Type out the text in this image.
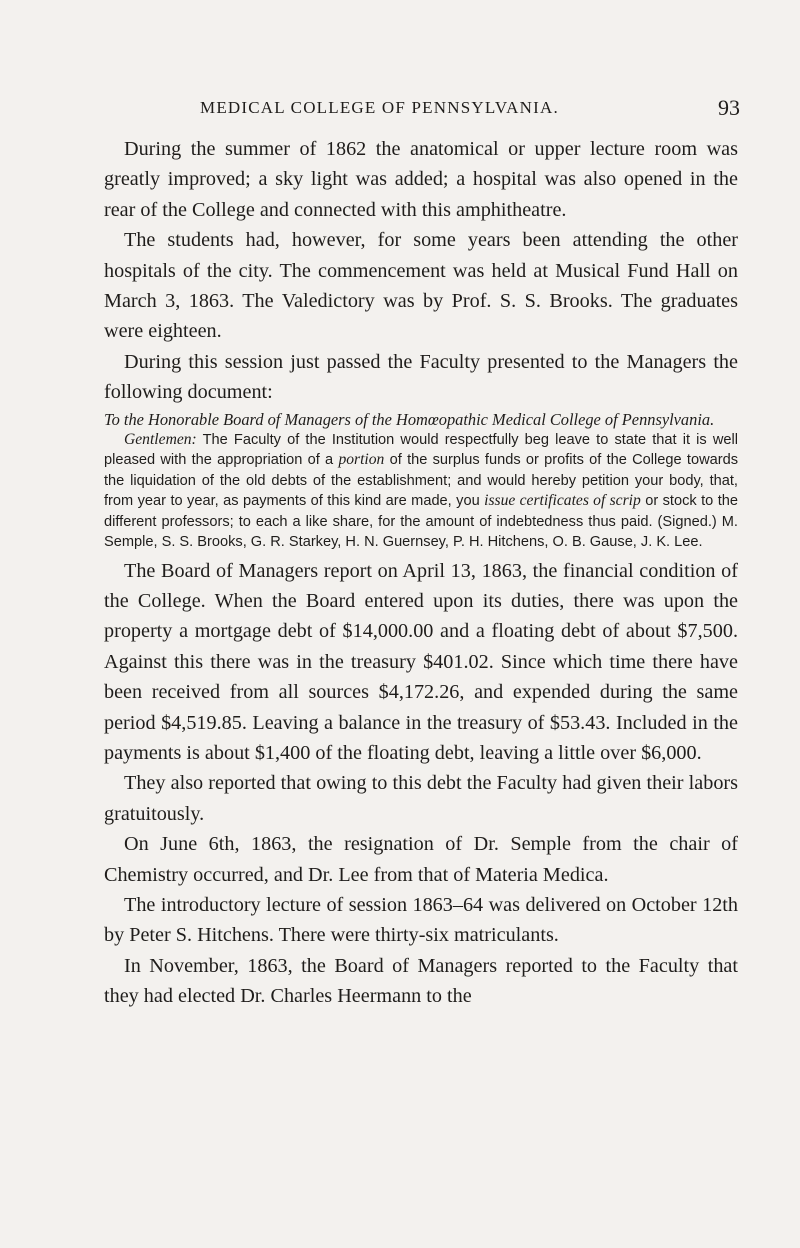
MEDICAL COLLEGE OF PENNSYLVANIA.	93

During the summer of 1862 the anatomical or upper lecture room was greatly improved; a sky light was added; a hospital was also opened in the rear of the College and connected with this amphitheatre.

The students had, however, for some years been attending the other hospitals of the city. The commencement was held at Musical Fund Hall on March 3, 1863. The Valedictory was by Prof. S. S. Brooks. The graduates were eighteen.

During this session just passed the Faculty presented to the Managers the following document:

To the Honorable Board of Managers of the Homœopathic Medical College of Pennsylvania.

Gentlemen: The Faculty of the Institution would respectfully beg leave to state that it is well pleased with the appropriation of a portion of the surplus funds or profits of the College towards the liquidation of the old debts of the establishment; and would hereby petition your body, that, from year to year, as payments of this kind are made, you issue certificates of scrip or stock to the different professors; to each a like share, for the amount of indebtedness thus paid. (Signed.) M. Semple, S. S. Brooks, G. R. Starkey, H. N. Guernsey, P. H. Hitchens, O. B. Gause, J. K. Lee.

The Board of Managers report on April 13, 1863, the financial condition of the College. When the Board entered upon its duties, there was upon the property a mortgage debt of $14,000.00 and a floating debt of about $7,500. Against this there was in the treasury $401.02. Since which time there have been received from all sources $4,172.26, and expended during the same period $4,519.85. Leaving a balance in the treasury of $53.43. Included in the payments is about $1,400 of the floating debt, leaving a little over $6,000.

They also reported that owing to this debt the Faculty had given their labors gratuitously.

On June 6th, 1863, the resignation of Dr. Semple from the chair of Chemistry occurred, and Dr. Lee from that of Materia Medica.

The introductory lecture of session 1863–64 was delivered on October 12th by Peter S. Hitchens. There were thirty-six matriculants.

In November, 1863, the Board of Managers reported to the Faculty that they had elected Dr. Charles Heermann to the
